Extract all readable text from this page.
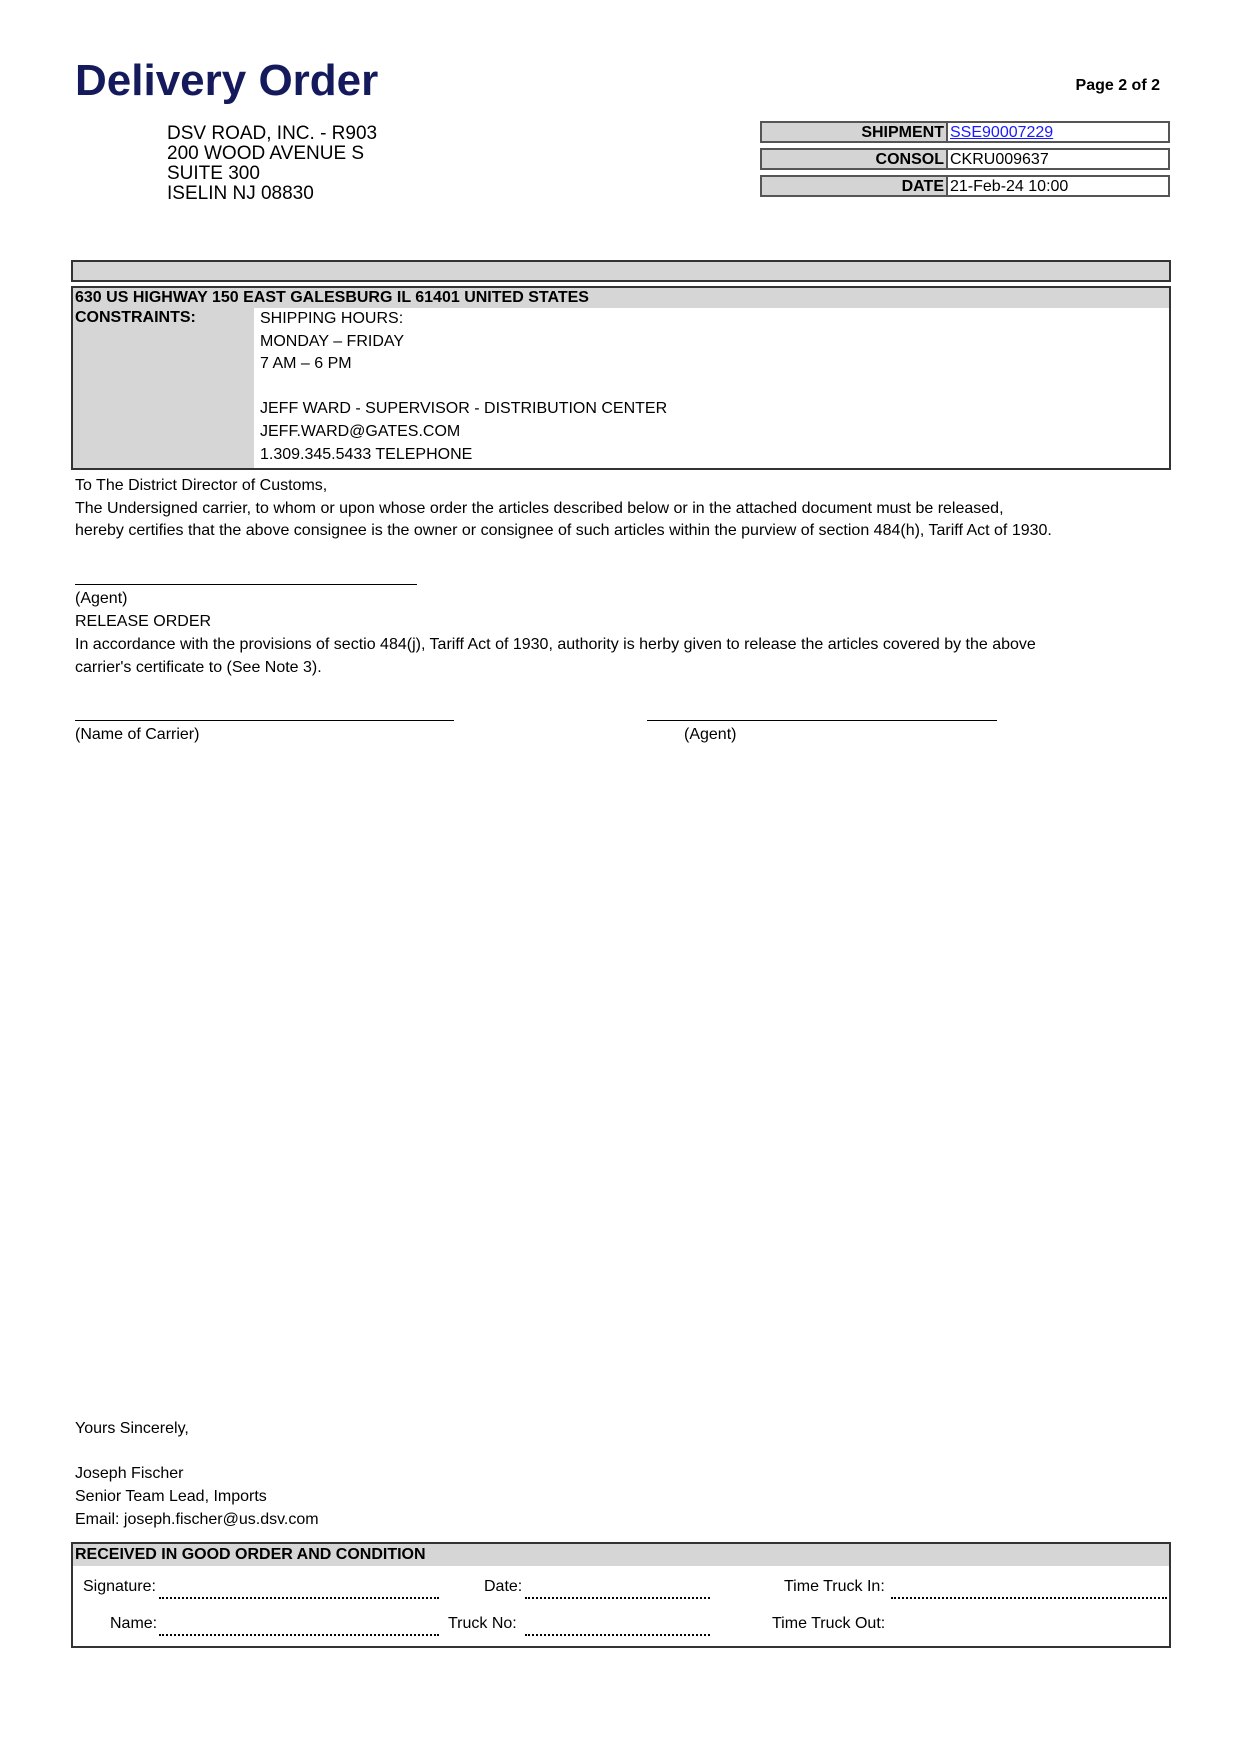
Delivery Order	Page 2 of 2
DSV ROAD, INC. - R903
200 WOOD AVENUE S
SUITE 300
ISELIN NJ 08830
SHIPMENT SSE90007229
CONSOL CKRU009637
DATE 21-Feb-24 10:00
630 US HIGHWAY 150 EAST GALESBURG IL 61401 UNITED STATES
CONSTRAINTS:	SHIPPING HOURS:
MONDAY – FRIDAY
7 AM – 6 PM
JEFF WARD - SUPERVISOR - DISTRIBUTION CENTER
JEFF.WARD@GATES.COM
1.309.345.5433 TELEPHONE
To The District Director of Customs,
The Undersigned carrier, to whom or upon whose order the articles described below or in the attached document must be released,
hereby certifies that the above consignee is the owner or consignee of such articles within the purview of section 484(h), Tariff Act of 1930.
(Agent)
RELEASE ORDER
In accordance with the provisions of sectio 484(j), Tariff Act of 1930, authority is herby given to release the articles covered by the above
carrier's certificate to (See Note 3).
(Name of Carrier)	(Agent)
Yours Sincerely,
Joseph Fischer
Senior Team Lead, Imports
Email: joseph.fischer@us.dsv.com
RECEIVED IN GOOD ORDER AND CONDITION
Signature:	Date:	Time Truck In:
Name:	Truck No:	Time Truck Out:
